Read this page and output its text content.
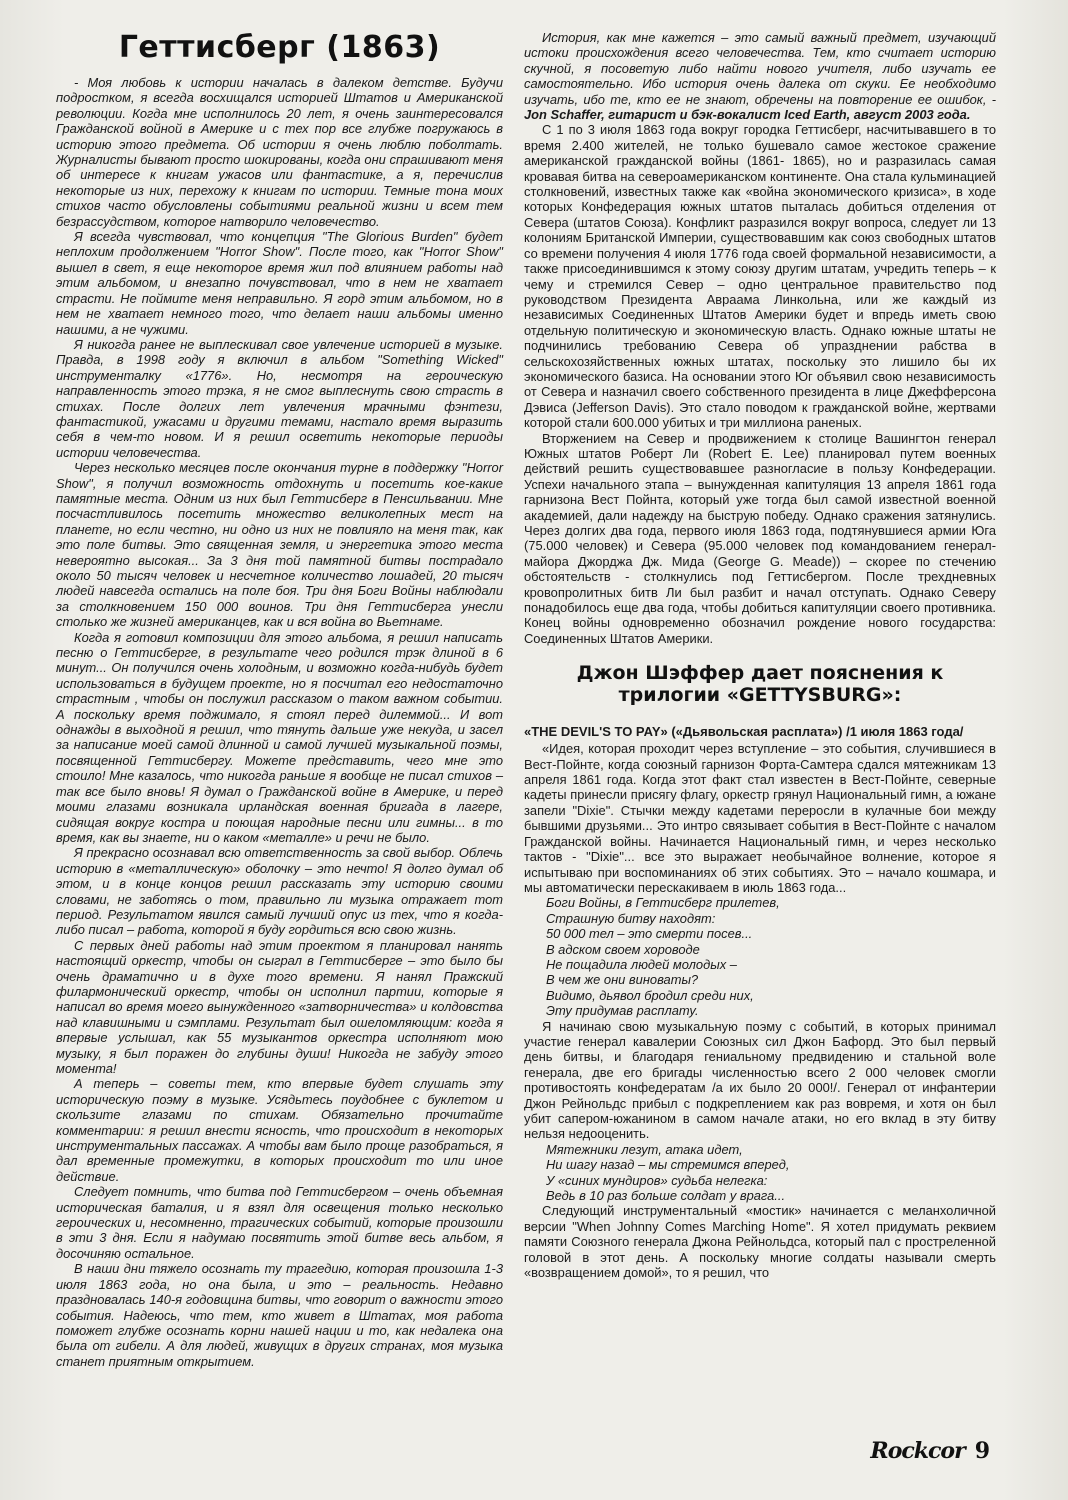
Геттисберг (1863)

- Моя любовь к истории началась в далеком детстве. Будучи подростком, я всегда восхищался историей Штатов и Американской революции. Когда мне исполнилось 20 лет, я очень заинтересовался Гражданской войной в Америке и с тех пор все глубже погружаюсь в историю этого предмета. Об истории я очень люблю поболтать. Журналисты бывают просто шокированы, когда они спрашивают меня об интересе к книгам ужасов или фантастике, а я, перечислив некоторые из них, перехожу к книгам по истории. Темные тона моих стихов часто обусловлены событиями реальной жизни и всем тем безрассудством, которое натворило человечество.

Я всегда чувствовал, что концепция "The Glorious Burden" будет неплохим продолжением "Horror Show". После того, как "Horror Show" вышел в свет, я еще некоторое время жил под влиянием работы над этим альбомом, и внезапно почувствовал, что в нем не хватает страсти. Не поймите меня неправильно. Я горд этим альбомом, но в нем не хватает немного того, что делает наши альбомы именно нашими, а не чужими.

Я никогда ранее не выплескивал свое увлечение историей в музыке. Правда, в 1998 году я включил в альбом "Something Wicked" инструменталку «1776». Но, несмотря на героическую направленность этого трэка, я не смог выплеснуть свою страсть в стихах. После долгих лет увлечения мрачными фэнтези, фантастикой, ужасами и другими темами, настало время выразить себя в чем-то новом. И я решил осветить некоторые периоды истории человечества.

Через несколько месяцев после окончания турне в поддержку "Horror Show", я получил возможность отдохнуть и посетить кое-какие памятные места. Одним из них был Геттисберг в Пенсильвании. Мне посчастливилось посетить множество великолепных мест на планете, но если честно, ни одно из них не повлияло на меня так, как это поле битвы. Это священная земля, и энергетика этого места невероятно высокая... За 3 дня той памятной битвы пострадало около 50 тысяч человек и несчетное количество лошадей, 20 тысяч людей навсегда остались на поле боя. Три дня Боги Войны наблюдали за столкновением 150 000 воинов. Три дня Геттисберга унесли столько же жизней американцев, как и вся война во Вьетнаме.

Когда я готовил композиции для этого альбома, я решил написать песню о Геттисберге, в результате чего родился трэк длиной в 6 минут... Он получился очень холодным, и возможно когда-нибудь будет использоваться в будущем проекте, но я посчитал его недостаточно страстным , чтобы он послужил рассказом о таком важном событии. А поскольку время поджимало, я стоял перед дилеммой... И вот однажды в выходной я решил, что тянуть дальше уже некуда, и засел за написание моей самой длинной и самой лучшей музыкальной поэмы, посвященной Геттисбергу. Можете представить, чего мне это стоило! Мне казалось, что никогда раньше я вообще не писал стихов – так все было вновь! Я думал о Гражданской войне в Америке, и перед моими глазами возникала ирландская военная бригада в лагере, сидящая вокруг костра и поющая народные песни или гимны... в то время, как вы знаете, ни о каком «металле» и речи не было.

Я прекрасно осознавал всю ответственность за свой выбор. Облечь историю в «металлическую» оболочку – это нечто! Я долго думал об этом, и в конце концов решил рассказать эту историю своими словами, не заботясь о том, правильно ли музыка отражает тот период. Результатом явился самый лучший опус из тех, что я когда-либо писал – работа, которой я буду гордиться всю свою жизнь.

С первых дней работы над этим проектом я планировал нанять настоящий оркестр, чтобы он сыграл в Геттисберге – это было бы очень драматично и в духе того времени. Я нанял Пражский филармонический оркестр, чтобы он исполнил партии, которые я написал во время моего вынужденного «затворничества» и колдовства над клавишными и сэмплами. Результат был ошеломляющим: когда я впервые услышал, как 55 музыкантов оркестра исполняют мою музыку, я был поражен до глубины души! Никогда не забуду этого момента!

А теперь – советы тем, кто впервые будет слушать эту историческую поэму в музыке. Усядьтесь поудобнее с буклетом и скользите глазами по стихам. Обязательно прочитайте комментарии: я решил внести ясность, что происходит в некоторых инструментальных пассажах. А чтобы вам было проще разобраться, я дал временные промежутки, в которых происходит то или иное действие.

Следует помнить, что битва под Геттисбергом – очень объемная историческая баталия, и я взял для освещения только несколько героических и, несомненно, трагических событий, которые произошли в эти 3 дня. Если я надумаю посвятить этой битве весь альбом, я досочиняю остальное.

В наши дни тяжело осознать ту трагедию, которая произошла 1-3 июля 1863 года, но она была, и это – реальность. Недавно праздновалась 140-я годовщина битвы, что говорит о важности этого события. Надеюсь, что тем, кто живет в Штатах, моя работа поможет глубже осознать корни нашей нации и то, как недалека она была от гибели. А для людей, живущих в других странах, моя музыка станет приятным открытием.

История, как мне кажется – это самый важный предмет, изучающий истоки происхождения всего человечества. Тем, кто считает историю скучной, я посоветую либо найти нового учителя, либо изучать ее самостоятельно. Ибо история очень далека от скуки. Ее необходимо изучать, ибо те, кто ее не знают, обречены на повторение ее ошибок, - Jon Schaffer, гитарист и бэк-вокалист Iced Earth, август 2003 года.

С 1 по 3 июля 1863 года вокруг городка Геттисберг, насчитывавшего в то время 2.400 жителей, не только бушевало самое жестокое сражение американской гражданской войны (1861- 1865), но и разразилась самая кровавая битва на североамериканском континенте. Она стала кульминацией столкновений, известных также как «война экономического кризиса», в ходе которых Конфедерация южных штатов пыталась добиться отделения от Севера (штатов Союза). Конфликт разразился вокруг вопроса, следует ли 13 колониям Британской Империи, существовавшим как союз свободных штатов со времени получения 4 июля 1776 года своей формальной независимости, а также присоединившимся к этому союзу другим штатам, учредить теперь – к чему и стремился Север – одно центральное правительство под руководством Президента Авраама Линкольна, или же каждый из независимых Соединенных Штатов Америки будет и впредь иметь свою отдельную политическую и экономическую власть. Однако южные штаты не подчинились требованию Севера об упразднении рабства в сельскохозяйственных южных штатах, поскольку это лишило бы их экономического базиса. На основании этого Юг объявил свою независимость от Севера и назначил своего собственного президента в лице Джефферсона Дэвиса (Jefferson Davis). Это стало поводом к гражданской войне, жертвами которой стали 600.000 убитых и три миллиона раненых.

Вторжением на Север и продвижением к столице Вашингтон генерал Южных штатов Роберт Ли (Robert E. Lee) планировал путем военных действий решить существовавшее разногласие в пользу Конфедерации. Успехи начального этапа – вынужденная капитуляция 13 апреля 1861 года гарнизона Вест Пойнта, который уже тогда был самой известной военной академией, дали надежду на быструю победу. Однако сражения затянулись. Через долгих два года, первого июля 1863 года, подтянувшиеся армии Юга (75.000 человек) и Севера (95.000 человек под командованием генерал-майора Джорджа Дж. Мида (George G. Meade)) – скорее по стечению обстоятельств - столкнулись под Геттисбергом. После трехдневных кровопролитных битв Ли был разбит и начал отступать. Однако Северу понадобилось еще два года, чтобы добиться капитуляции своего противника. Конец войны одновременно обозначил рождение нового государства: Соединенных Штатов Америки.

Джон Шэффер дает пояснения к трилогии «GETTYSBURG»:

«THE DEVIL'S TO PAY» («Дьявольская расплата») /1 июля 1863 года/

«Идея, которая проходит через вступление – это события, случившиеся в Вест-Пойнте, когда союзный гарнизон Форта-Самтера сдался мятежникам 13 апреля 1861 года. Когда этот факт стал известен в Вест-Пойнте, северные кадеты принесли присягу флагу, оркестр грянул Национальный гимн, а южане запели "Dixie". Стычки между кадетами переросли в кулачные бои между бывшими друзьями... Это интро связывает события в Вест-Пойнте с началом Гражданской войны. Начинается Национальный гимн, и через несколько тактов - "Dixie"... все это выражает необычайное волнение, которое я испытываю при воспоминаниях об этих событиях. Это – начало кошмара, и мы автоматически перескакиваем в июль 1863 года...

Боги Войны, в Геттисберг прилетев,
Страшную битву находят:
50 000 тел – это смерти посев...
В адском своем хороводе
Не пощадила людей молодых –
В чем же они виноваты?
Видимо, дьявол бродил среди них,
Эту придумав расплату.

Я начинаю свою музыкальную поэму с событий, в которых принимал участие генерал кавалерии Союзных сил Джон Бафорд. Это был первый день битвы, и благодаря гениальному предвидению и стальной воле генерала, две его бригады численностью всего 2 000 человек смогли противостоять конфедератам /а их было 20 000!/. Генерал от инфантерии Джон Рейнольдс прибыл с подкреплением как раз вовремя, и хотя он был убит сапером-южанином в самом начале атаки, но его вклад в эту битву нельзя недооценить.

Мятежники лезут, атака идет,
Ни шагу назад – мы стремимся вперед,
У «синих мундиров» судьба нелегка:
Ведь в 10 раз больше солдат у врага...

Следующий инструментальный «мостик» начинается с меланхоличной версии "When Johnny Comes Marching Home". Я хотел придумать реквием памяти Союзного генерала Джона Рейнольдса, который пал с простреленной головой в этот день. А поскольку многие солдаты называли смерть «возвращением домой», то я решил, что

Rockcor 9
